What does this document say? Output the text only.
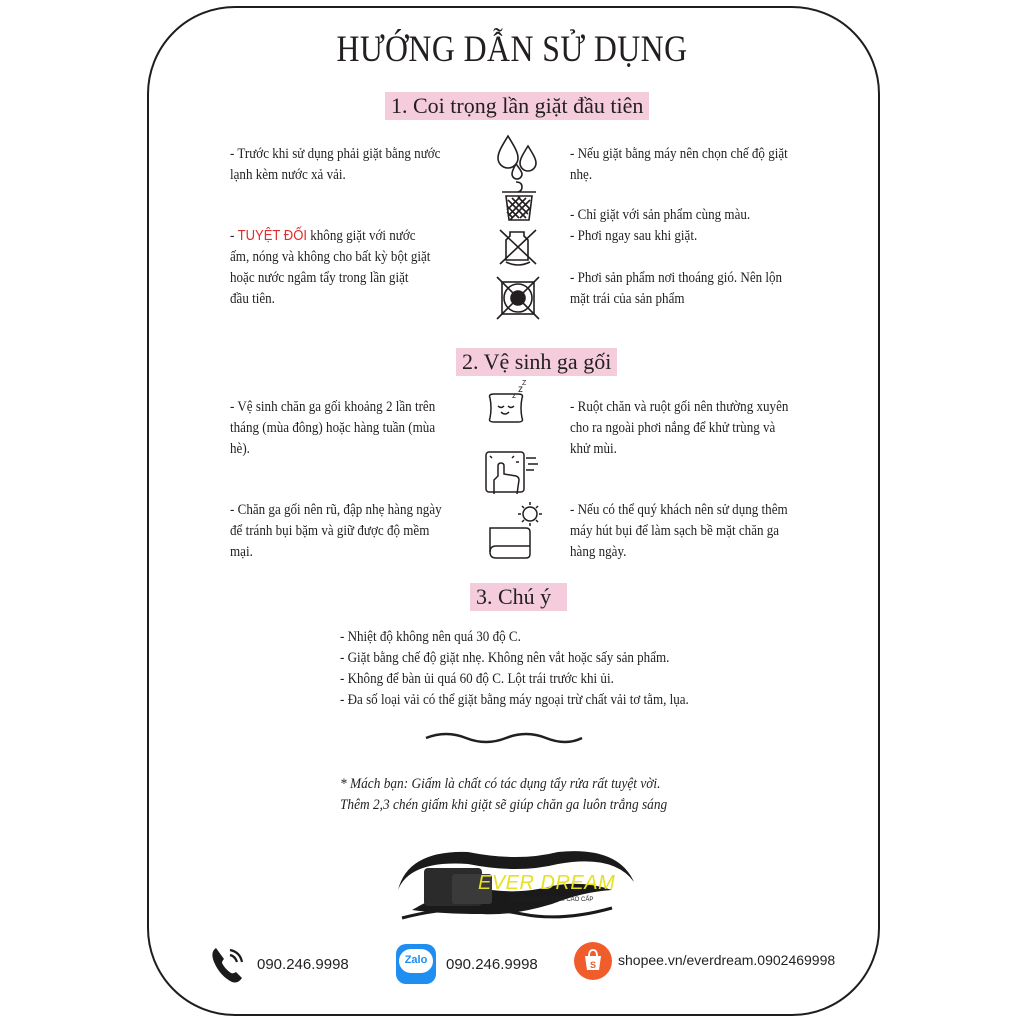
HƯỚNG DẪN SỬ DỤNG
1. Coi trọng lần giặt đầu tiên
- Trước khi sử dụng phải giặt bằng nước
lạnh kèm nước xả vải.
- TUYỆT ĐỐI không giặt với nước
ấm, nóng và không cho bất kỳ bột giặt
hoặc nước ngâm tẩy trong lần giặt
đầu tiên.
- Nếu giặt bằng máy nên chọn chế độ giặt
nhẹ.
- Chỉ giặt với sản phẩm cùng màu.
- Phơi ngay sau khi giặt.
- Phơi sản phẩm nơi thoáng gió. Nên lộn
mặt trái của sản phẩm
2. Vệ sinh ga gối
- Vệ sinh chăn ga gối khoảng 2 lần trên
tháng (mùa đông) hoặc hàng tuần (mùa
hè).
- Chăn ga gối nên rũ, đập nhẹ hàng ngày
để tránh bụi bặm và giữ được độ mềm
mại.
- Ruột chăn và ruột gối nên thường xuyên
cho ra ngoài phơi nắng để khử trùng và
khử mùi.
- Nếu có thể quý khách nên sử dụng thêm
máy hút bụi để làm sạch bề mặt chăn ga
hàng ngày.
z
z
Z
3. Chú ý
- Nhiệt độ không nên quá 30 độ C.
- Giặt bằng chế độ giặt nhẹ. Không nên vắt hoặc sấy sản phẩm.
- Không để bàn ủi quá 60 độ C. Lột trái trước khi ủi.
- Đa số loại vải có thể giặt bằng máy ngoại trừ chất vải tơ tằm, lụa.
* Mách bạn: Giấm là chất có tác dụng tẩy rửa rất tuyệt vời.
Thêm 2,3 chén giấm khi giặt sẽ giúp chăn ga luôn trắng sáng
EVER DREAM
CHĂN GA GỐI ĐỆM CAO CẤP
090.246.9998	Zalo	090.246.9998	S shopee.vn/everdream.0902469998
